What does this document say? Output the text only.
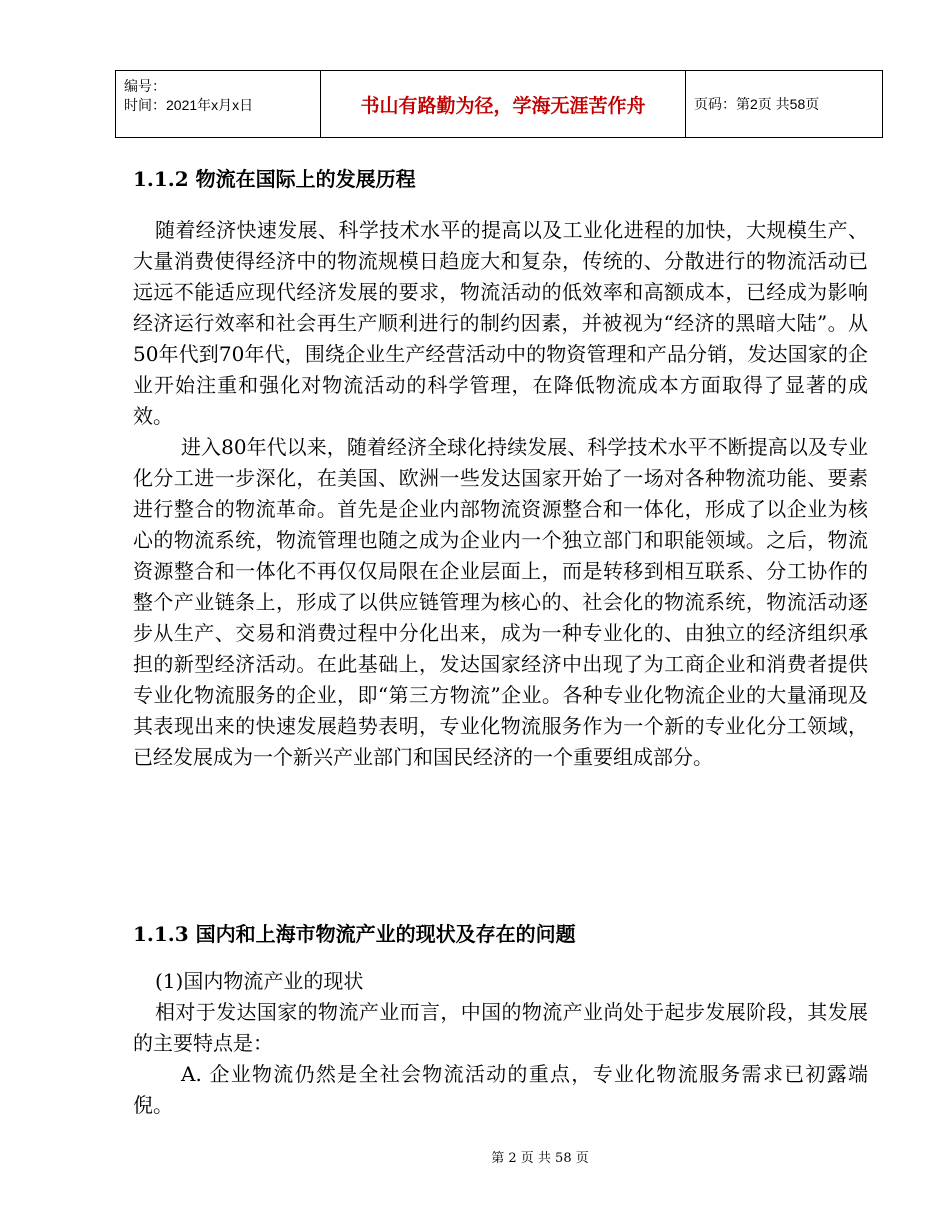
编号：
时间：2021年x月x日	书山有路勤为径，学海无涯苦作舟	页码：第2页 共58页
1.1.2 物流在国际上的发展历程

随着经济快速发展、科学技术水平的提高以及工业化进程的加快，大规模生产、大量消费使得经济中的物流规模日趋庞大和复杂，传统的、分散进行的物流活动已远远不能适应现代经济发展的要求，物流活动的低效率和高额成本，已经成为影响经济运行效率和社会再生产顺利进行的制约因素，并被视为“经济的黑暗大陆”。从50年代到70年代，围绕企业生产经营活动中的物资管理和产品分销，发达国家的企业开始注重和强化对物流活动的科学管理，在降低物流成本方面取得了显著的成效。

进入80年代以来，随着经济全球化持续发展、科学技术水平不断提高以及专业化分工进一步深化，在美国、欧洲一些发达国家开始了一场对各种物流功能、要素进行整合的物流革命。首先是企业内部物流资源整合和一体化，形成了以企业为核心的物流系统，物流管理也随之成为企业内一个独立部门和职能领域。之后，物流资源整合和一体化不再仅仅局限在企业层面上，而是转移到相互联系、分工协作的整个产业链条上，形成了以供应链管理为核心的、社会化的物流系统，物流活动逐步从生产、交易和消费过程中分化出来，成为一种专业化的、由独立的经济组织承担的新型经济活动。在此基础上，发达国家经济中出现了为工商企业和消费者提供专业化物流服务的企业，即“第三方物流”企业。各种专业化物流企业的大量涌现及其表现出来的快速发展趋势表明，专业化物流服务作为一个新的专业化分工领域，已经发展成为一个新兴产业部门和国民经济的一个重要组成部分。

1.1.3 国内和上海市物流产业的现状及存在的问题

(1)国内物流产业的现状

相对于发达国家的物流产业而言，中国的物流产业尚处于起步发展阶段，其发展的主要特点是：

A. 企业物流仍然是全社会物流活动的重点，专业化物流服务需求已初露端倪。

第 2 页 共 58 页
